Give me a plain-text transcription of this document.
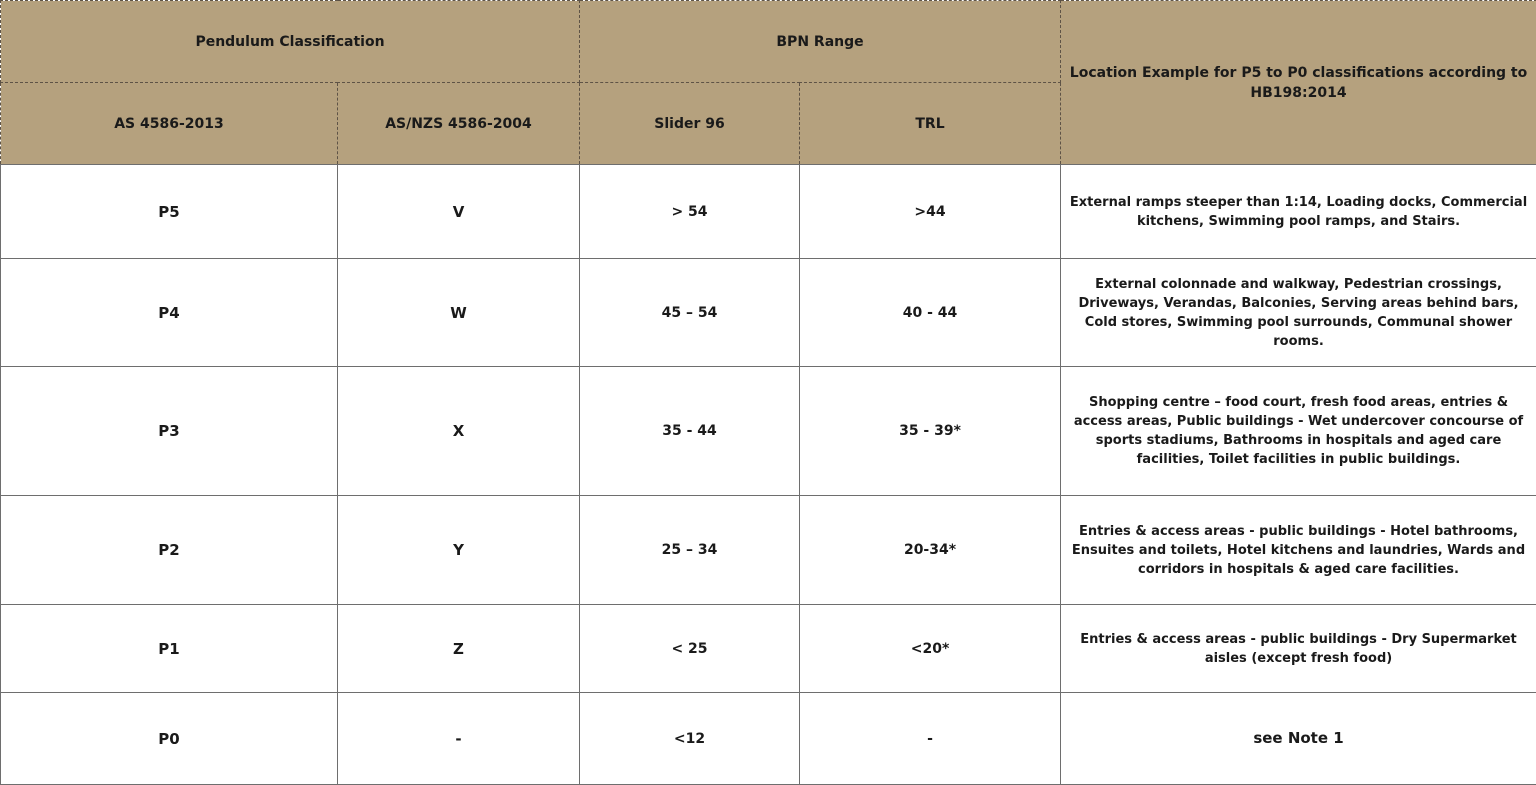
Pendulum Classification		BPN Range		Location Example for P5 to P0 classifications according to HB198:2014
AS 4586-2013	AS/NZS 4586-2004	Slider 96	TRL	
P5	V	> 54	>44	External ramps steeper than 1:14, Loading docks, Commercial kitchens, Swimming pool ramps, and Stairs.
P4	W	45 – 54	40 - 44	External colonnade and walkway, Pedestrian crossings, Driveways, Verandas, Balconies, Serving areas behind bars, Cold stores, Swimming pool surrounds, Communal shower rooms.
P3	X	35 - 44	35 - 39*	Shopping centre – food court, fresh food areas, entries & access areas, Public buildings - Wet undercover concourse of sports stadiums, Bathrooms in hospitals and aged care facilities, Toilet facilities in public buildings.
P2	Y	25 – 34	20-34*	Entries & access areas - public buildings - Hotel bathrooms, Ensuites and toilets, Hotel kitchens and laundries, Wards and corridors in hospitals & aged care facilities.
P1	Z	< 25	<20*	Entries & access areas - public buildings - Dry Supermarket aisles (except fresh food)
P0	-	<12	-	see Note 1
